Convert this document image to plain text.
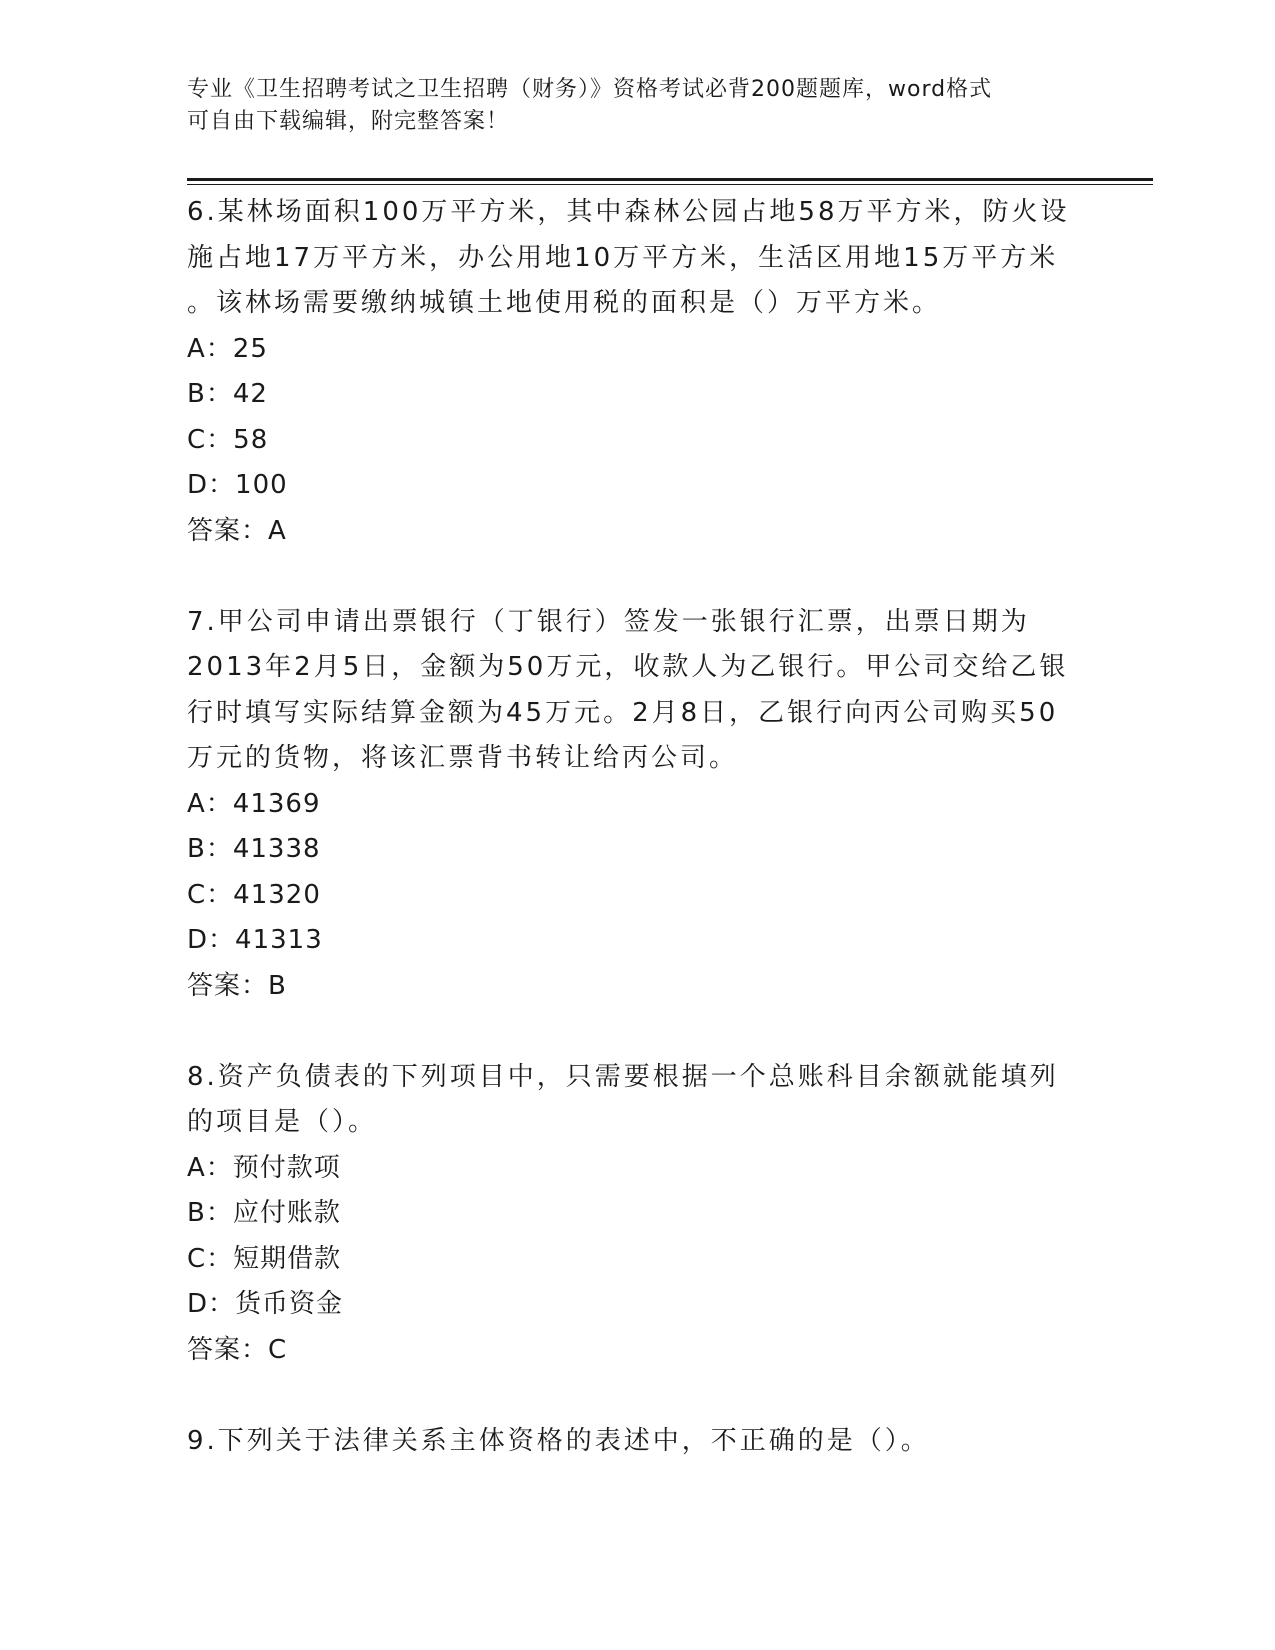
专业《卫生招聘考试之卫生招聘（财务）》资格考试必背200题题库，word格式
可自由下载编辑，附完整答案！
6.某林场面积100万平方米，其中森林公园占地58万平方米，防火设
施占地17万平方米，办公用地10万平方米，生活区用地15万平方米
。该林场需要缴纳城镇土地使用税的面积是（）万平方米。
A：25
B：42
C：58
D：100
答案：A
7.甲公司申请出票银行（丁银行）签发一张银行汇票，出票日期为
2013年2月5日，金额为50万元，收款人为乙银行。甲公司交给乙银
行时填写实际结算金额为45万元。2月8日，乙银行向丙公司购买50
万元的货物，将该汇票背书转让给丙公司。
A：41369
B：41338
C：41320
D：41313
答案：B
8.资产负债表的下列项目中，只需要根据一个总账科目余额就能填列
的项目是（）。
A：预付款项
B：应付账款
C：短期借款
D：货币资金
答案：C
9.下列关于法律关系主体资格的表述中，不正确的是（）。
